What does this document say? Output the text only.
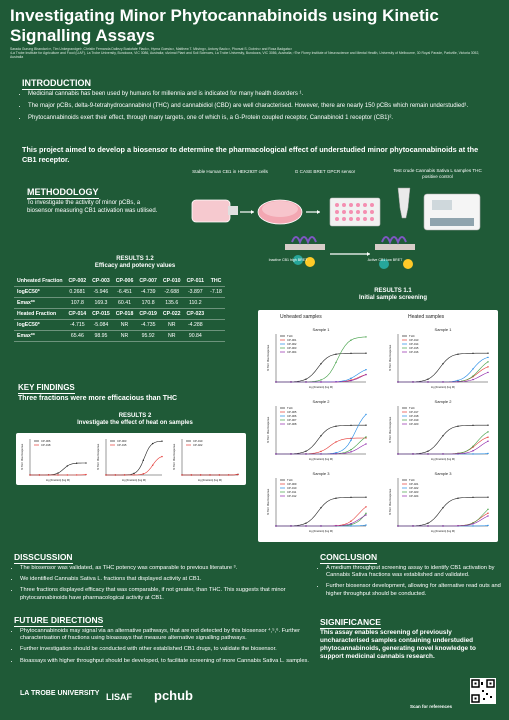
Investigating Minor Phytocannabinoids using Kinetic Signalling Assays
Sarada Gurung Bhandari¹²³, Tim Unkegrandgei³, Christin Fernanda Dallezy Bustofate Flack¹², Hyrna Goesia¹², Matthew T. Mkving¹², Antony Bacic¹², Phorsat S. Dobrin¹² and Rosa Badgata¹²
¹La Trobe Institute for Agriculture and Food (LIAF), La Trobe University, Bundoora, VIC 3086, Australia; ²Animal Plant and Soil Sciences, La Trobe University, Bundoora, VIC 3086, Australia; ³The Florey Institute of Neuroscience and Mental Health, University of Melbourne, 30 Royal Parade, Parkville, Victoria 3052, Australia
INTRODUCTION
• Medicinal cannabis has been used by humans for millennia and is indicated for many health disorders ¹.
• The major pCBs, delta-9-tetrahydrocannabinol (THC) and cannabidiol (CBD) are well characterised. However, there are nearly 150 pCBs which remain understudied¹.
• Phytocannabinoids exert their effect, through many targets, one of which is, a G-Protein coupled receptor, Cannabinoid 1 receptor (CB1)².
This project aimed to develop a biosensor to determine the pharmacological effect of understudied minor phytocannabinoids at the CB1 receptor.
METHODOLOGY
To investigate the activity of minor pCBs, a biosensor measuring CB1 activation was utilised.
Stable Human CB1 in HEK293T cells	G CASE BRET GPCR sensor	Test crude Cannabis Sativa L samples THC positive control
Inactive CB1 high BRET	Active CB1 low BRET
RESULTS 1.2
Efficacy and potency values
Unheated Fraction	CP-002	CP-003	CP-006	CP-007	CP-010	CP-011	THC
logEC50*	0.2681	-5.946	-6.451	-4.739	-2.688	-3.897	-7.18
Emax**	107.8	169.3	60.41	170.8	135.6	110.2	
Heated Fraction	CP-014	CP-015	CP-018	CP-019	CP-022	CP-023	
logEC50*	-4.715	-5.084	NR	-4.735	NR	-4.288	
Emax**	65.46	98.95	NR	95.92	NR	90.84	
KEY FINDINGS
Three fractions were more efficacious than THC
RESULTS 2
Investigate the effect of heat on samples
% THC Max Response
log [Fraction] (log M)
CP-006
CP-018	% THC Max Response
log [Fraction] (log M)
CP-003
CP-015	% THC Max Response
log [Fraction] (log M)
CP-010
CP-022
RESULTS 1.1
Initial sample screening
Unheated samples	Heated samples
Sample 1
% THC Max Response
log [Fraction] (log M)
THC
CP-001
CP-002
CP-003
CP-004
Sample 1
% THC Max Response
log [Fraction] (log M)
THC
CP-013
CP-014
CP-015
CP-016
Sample 2
% THC Max Response
log [Fraction] (log M)
THC
CP-005
CP-006
CP-007
CP-008
Sample 2
% THC Max Response
log [Fraction] (log M)
THC
CP-017
CP-018
CP-019
CP-020
Sample 3
% THC Max Response
log [Fraction] (log M)
THC
CP-009
CP-010
CP-011
CP-012
Sample 3
% THC Max Response
log [Fraction] (log M)
THC
CP-021
CP-022
CP-023
CP-024
DISSCUSSION
• The biosensor was validated, as THC potency was comparable to previous literature ³.
• We identified Cannabis Sativa L. fractions that displayed activity at CB1.
• Three fractions displayed efficacy that was comparable, if not greater, than THC. This suggests that minor phytocannabinoids have pharmacological activity at CB1.
FUTURE DIRECTIONS
• Phytocannabinoids may signal via an alternative pathways, that are not detected by this biosensor ⁴,⁵,⁶. Further characterisation of fractions using bioassays that measure alternative signalling pathways.
• Further investigation should be conducted with other established CB1 drugs, to validate the biosensor.
• Bioassays with higher throughput should be developed, to facilitate screening of more Cannabis Sativa L. samples.
CONCLUSION
• A medium throughput screening assay to identify CB1 activation by Cannabis Sativa fractions was established and validated.
• Further biosensor development, allowing for alternative read outs and higher throughput should be conducted.
SIGNIFICANCE
This assay enables screening of previously uncharacterised samples containing understudied phytocannabinoids, generating novel knowledge to support medicinal cannabis research.
LA TROBE UNIVERSITY LISAF pchub
Scan for references
